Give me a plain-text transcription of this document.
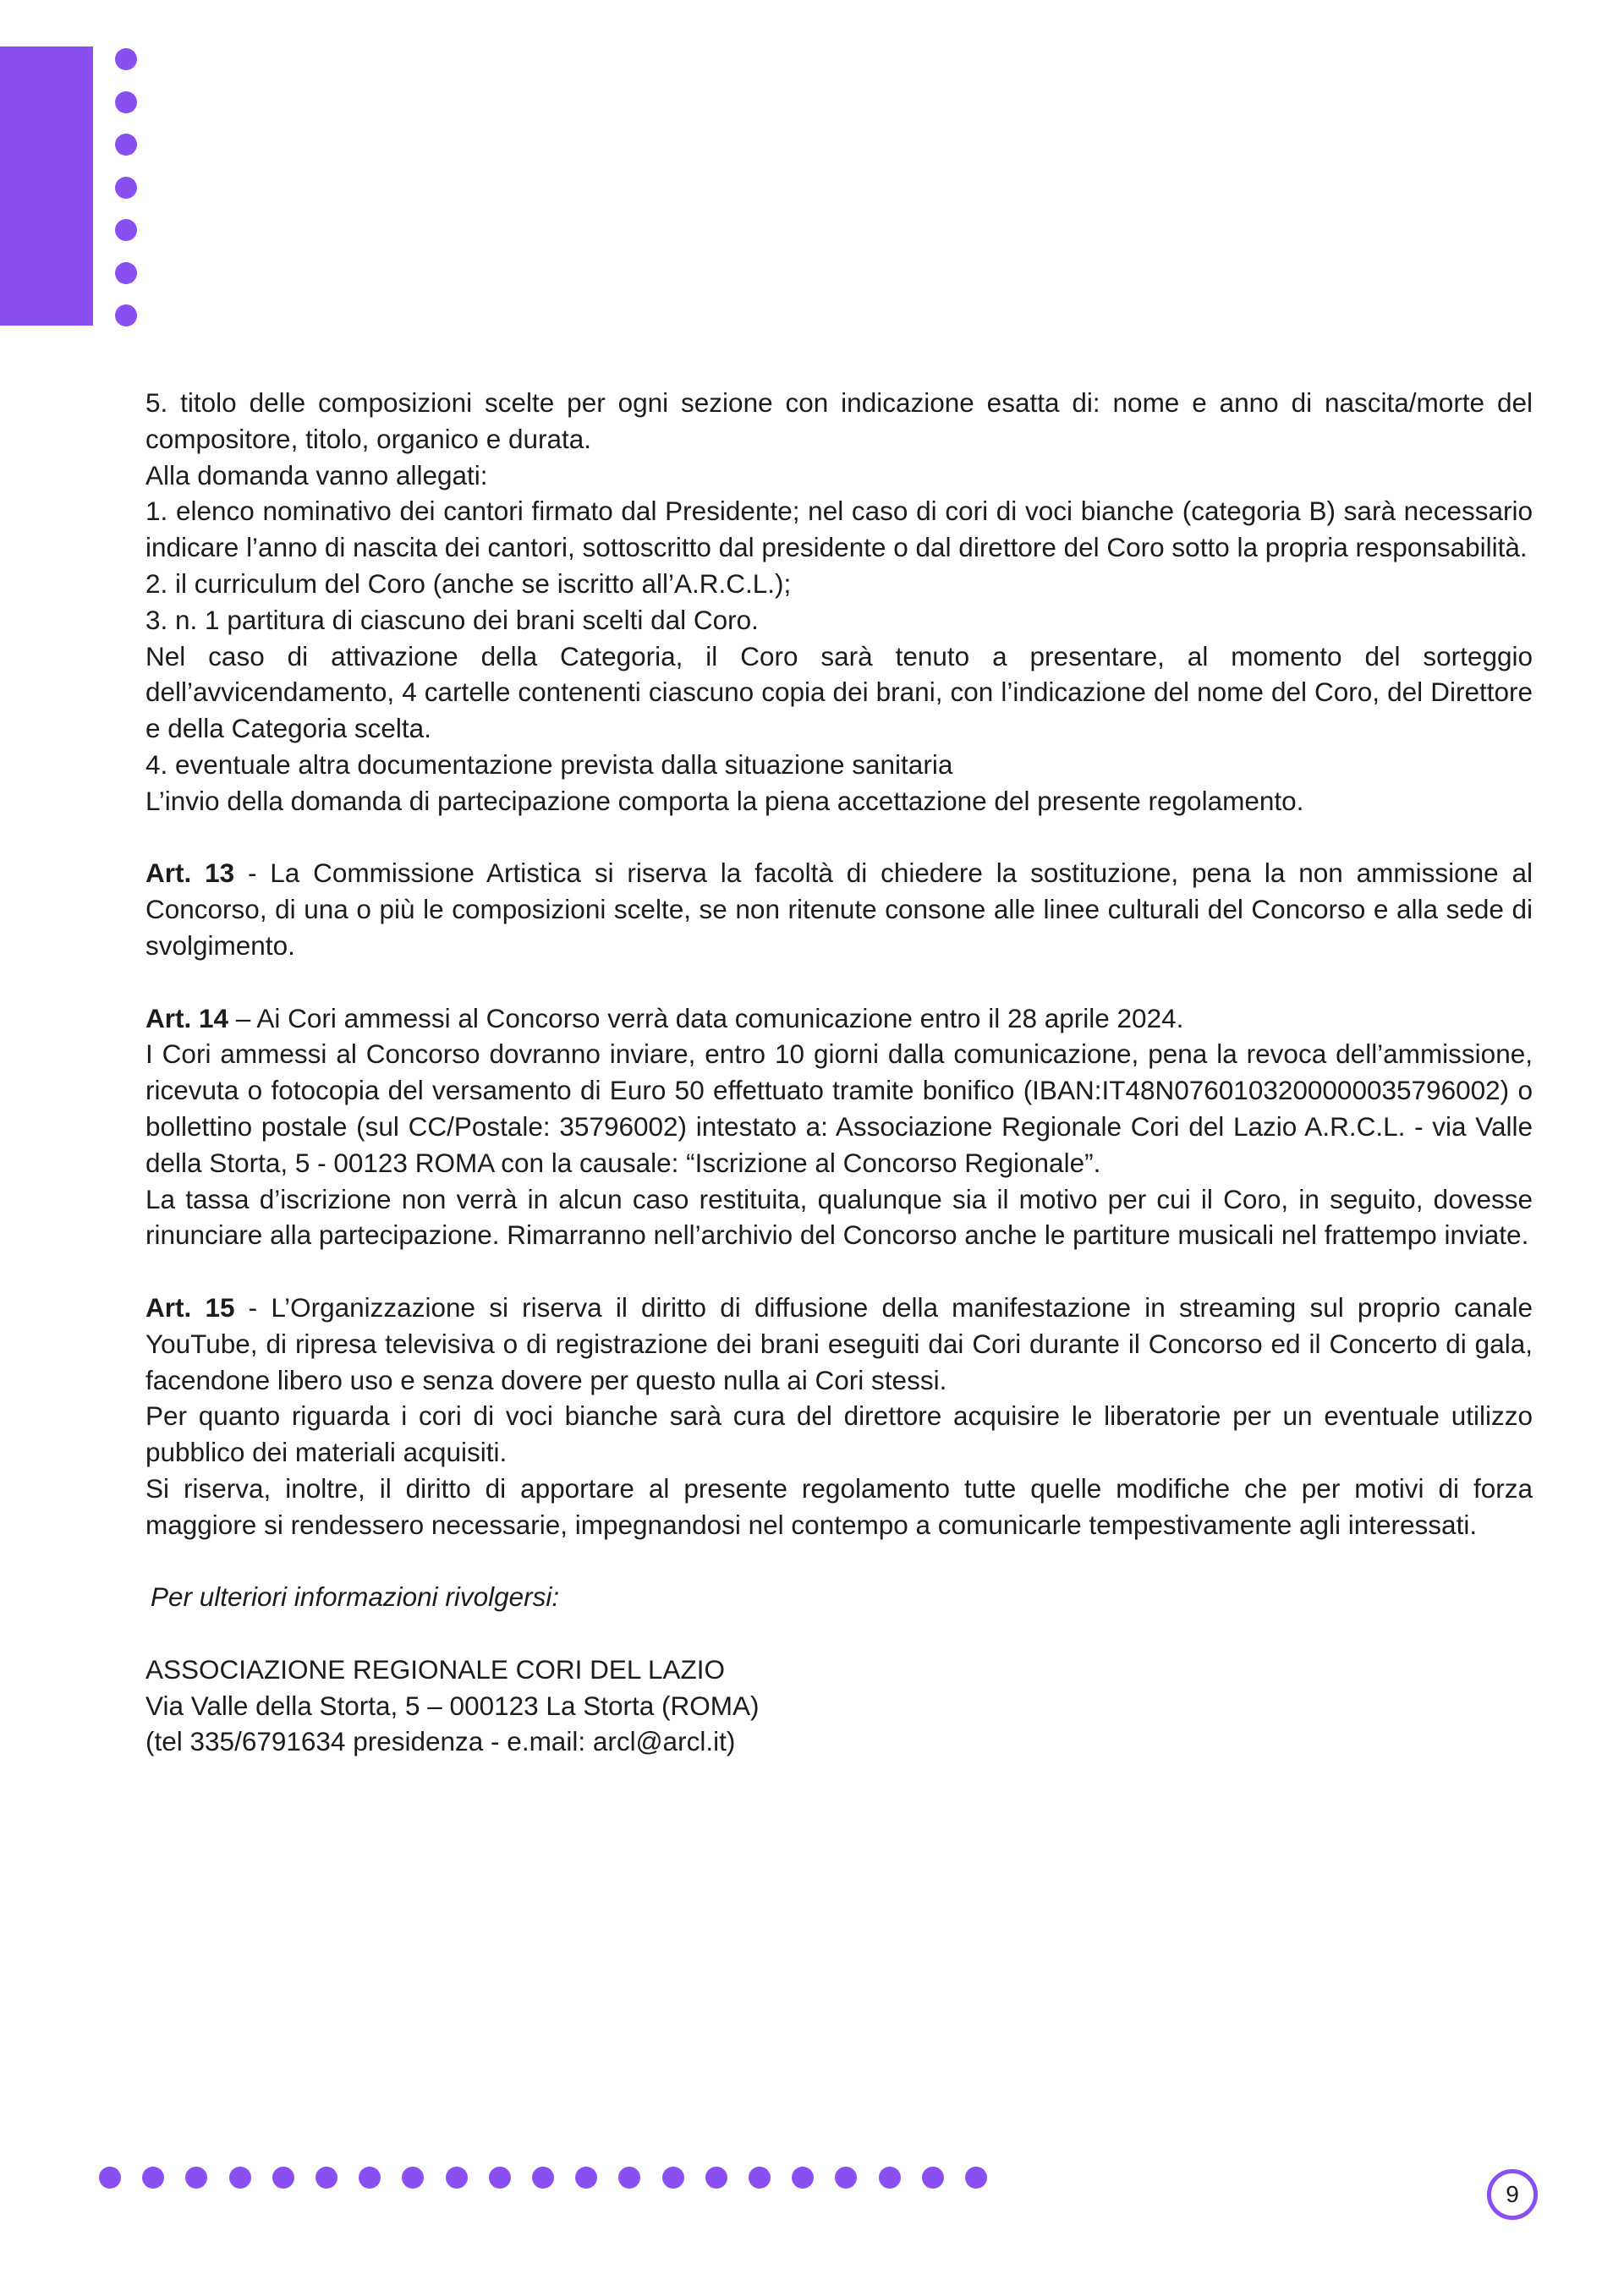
5. titolo delle composizioni scelte per ogni sezione con indicazione esatta di: nome e anno di nascita/morte del compositore, titolo, organico e durata.

Alla domanda vanno allegati:

1. elenco nominativo dei cantori firmato dal Presidente; nel caso di cori di voci bianche (categoria B) sarà necessario indicare l’anno di nascita dei cantori, sottoscritto dal presidente o dal direttore del Coro sotto la propria responsabilità.

2. il curriculum del Coro (anche se iscritto all’A.R.C.L.);

3. n. 1 partitura di ciascuno dei brani scelti dal Coro.

Nel caso di attivazione della Categoria, il Coro sarà tenuto a presentare, al momento del sorteggio dell’avvicendamento, 4 cartelle contenenti ciascuno copia dei brani, con l’indicazione del nome del Coro, del Direttore e della Categoria scelta.

4. eventuale altra documentazione prevista dalla situazione sanitaria

L’invio della domanda di partecipazione comporta la piena accettazione del presente regolamento.

Art. 13 - La Commissione Artistica si riserva la facoltà di chiedere la sostituzione, pena la non ammissione al Concorso, di una o più le composizioni scelte, se non ritenute consone alle linee culturali del Concorso e alla sede di svolgimento.

Art. 14 – Ai Cori ammessi al Concorso verrà data comunicazione entro il 28 aprile 2024.

I Cori ammessi al Concorso dovranno inviare, entro 10 giorni dalla comunicazione, pena la revoca dell’ammissione, ricevuta o fotocopia del versamento di Euro 50 effettuato tramite bonifico (IBAN:IT48N0760103200000035796002) o bollettino postale (sul CC/Postale: 35796002) intestato a: Associazione Regionale Cori del Lazio A.R.C.L. - via Valle della Storta, 5 - 00123 ROMA con la causale: “Iscrizione al Concorso Regionale”.

La tassa d’iscrizione non verrà in alcun caso restituita, qualunque sia il motivo per cui il Coro, in seguito, dovesse rinunciare alla partecipazione. Rimarranno nell’archivio del Concorso anche le partiture musicali nel frattempo inviate.

Art. 15 - L’Organizzazione si riserva il diritto di diffusione della manifestazione in streaming sul proprio canale YouTube, di ripresa televisiva o di registrazione dei brani eseguiti dai Cori durante il Concorso ed il Concerto di gala, facendone libero uso e senza dovere per questo nulla ai Cori stessi.

Per quanto riguarda i cori di voci bianche sarà cura del direttore acquisire le liberatorie per un eventuale utilizzo pubblico dei materiali acquisiti.

Si riserva, inoltre, il diritto di apportare al presente regolamento tutte quelle modifiche che per motivi di forza maggiore si rendessero necessarie, impegnandosi nel contempo a comunicarle tempestivamente agli interessati.

Per ulteriori informazioni rivolgersi:

ASSOCIAZIONE REGIONALE CORI DEL LAZIO

Via Valle della Storta, 5 – 000123 La Storta (ROMA)

(tel 335/6791634 presidenza - e.mail: arcl@arcl.it)

9
